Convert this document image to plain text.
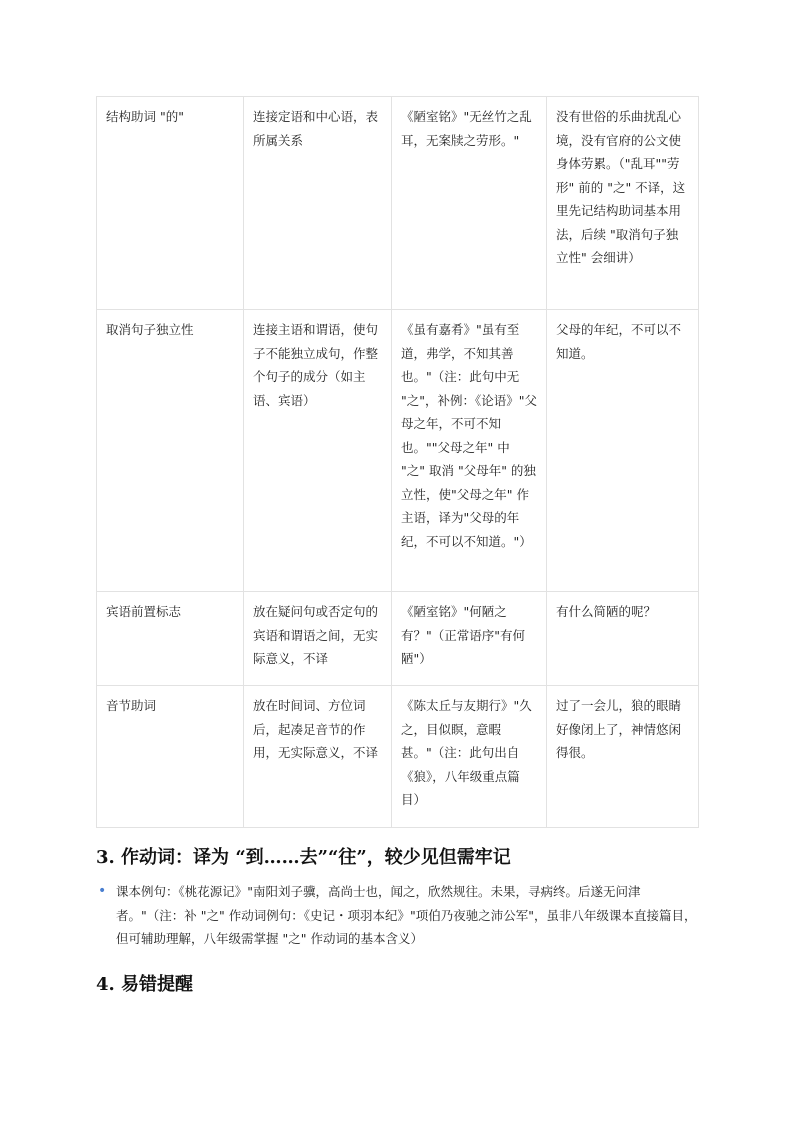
结构助词 "的"	连接定语和中心语，表所属关系	《陋室铭》"无丝竹之乱耳，无案牍之劳形。"	没有世俗的乐曲扰乱心境，没有官府的公文使身体劳累。（"乱耳""劳形" 前的 "之" 不译，这里先记结构助词基本用法，后续 "取消句子独立性" 会细讲）
取消句子独立性	连接主语和谓语，使句子不能独立成句，作整个句子的成分（如主语、宾语）	《虽有嘉肴》"虽有至道，弗学，不知其善也。"（注：此句中无 "之"，补例：《论语》"父母之年，不可不知也。""父母之年" 中 "之" 取消 "父母年" 的独立性，使"父母之年" 作主语，译为"父母的年纪，不可以不知道。"）	父母的年纪，不可以不知道。
宾语前置标志	放在疑问句或否定句的宾语和谓语之间，无实际意义，不译	《陋室铭》"何陋之有？"（正常语序"有何陋"）	有什么简陋的呢？
音节助词	放在时间词、方位词后，起凑足音节的作用，无实际意义，不译	《陈太丘与友期行》"久之，目似瞑，意暇甚。"（注：此句出自《狼》，八年级重点篇目）	过了一会儿，狼的眼睛好像闭上了，神情悠闲得很。
3. 作动词：译为 “到……去”“往”，较少见但需牢记
• 课本例句：《桃花源记》"南阳刘子骥，高尚士也，闻之，欣然规往。未果，寻病终。后遂无问津者。"（注：补 "之" 作动词例句：《史记・项羽本纪》"项伯乃夜驰之沛公军"，虽非八年级课本直接篇目，但可辅助理解，八年级需掌握 "之" 作动词的基本含义）
4. 易错提醒
